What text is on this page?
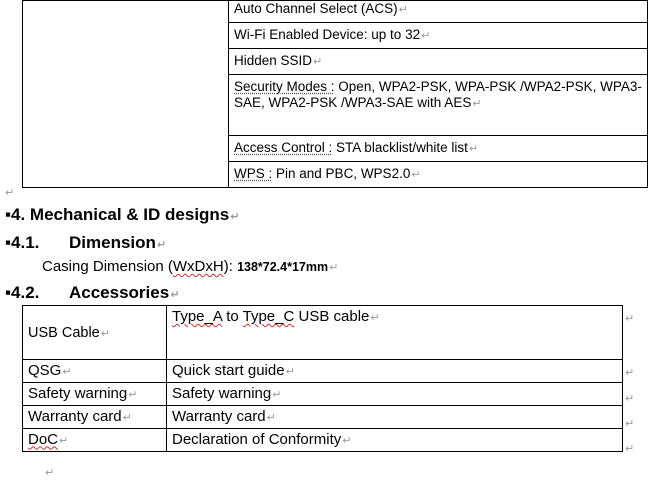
	Auto Channel Select (ACS)↵
Wi-Fi Enabled Device: up to 32↵
Hidden SSID↵
Security Modes : Open, WPA2-PSK, WPA-PSK /WPA2-PSK, WPA3-SAE, WPA2-PSK /WPA3-SAE with AES↵
Access Control : STA blacklist/white list↵
WPS : Pin and PBC, WPS2.0↵
↵
▪4. Mechanical & ID designs↵
▪4.1. Dimension↵
Casing Dimension (WxDxH): 138*72.4*17mm↵
▪4.2. Accessories↵
USB Cable↵	Type_A to Type_C USB cable↵
QSG↵	Quick start guide↵
Safety warning↵	Safety warning↵
Warranty card↵	Warranty card↵
DoC↵	Declaration of Conformity↵
↵
↵
↵
↵
↵
↵
